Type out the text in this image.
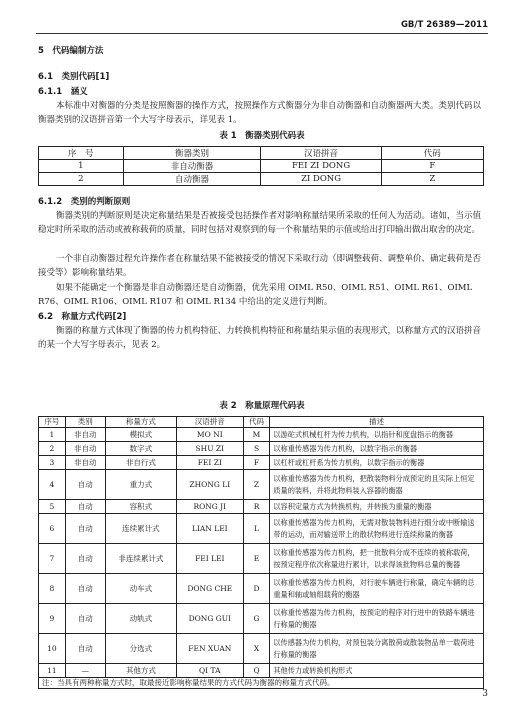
GB/T 26389—2011
5　代码编制方法
6.1　类别代码[1]
6.1.1　涵义
本标准中对衡器的分类是按照衡器的操作方式，按照操作方式衡器分为非自动衡器和自动衡器两大类。类别代码以衡器类别的汉语拼音第一个大写字母表示，详见表 1。
表 1　衡器类别代码表
序　号	衡器类别	汉语拼音	代码
1	非自动衡器	FEI ZI DONG	F
2	自动衡器	ZI DONG	Z
6.1.2　类别的判断原则
衡器类别的判断原则是决定称量结果是否被接受包括操作者对影响称量结果所采取的任何人为活动。诸如，当示值稳定时所采取的活动或被称载荷的质量，同时包括对观察到的每一个称量结果的示值或给出打印输出做出取舍的决定。
一个非自动衡器过程允许操作者在称量结果不能被接受的情况下采取行动（即调整载荷、调整单价、确定载荷是否接受等）影响称量结果。
如果不能确定一个衡器是非自动衡器还是自动衡器，优先采用 OIML R50、OIML R51、OIML R61、OIML R76、OIML R106、OIML R107 和 OIML R134 中给出的定义进行判断。
6.2　称量方式代码[2]
衡器的称量方式体现了衡器的传力机构特征、力转换机构特征和称量结果示值的表现形式，以称量方式的汉语拼音的某一个大写字母表示，见表 2。
表 2　称量原理代码表
序号	类别	称量方式	汉语拼音	代码	描述
1	非自动	模拟式	MO NI	M	以游砣式机械杠杆为传力机构，以指针和度盘指示的衡器
2	非自动	数字式	SHU ZI	S	以称重传感器为传力机构，以数字指示的衡器
3	非自动	非自行式	FEI ZI	F	以杠杆或杠杆系为传力机构，以数字指示的衡器
4	自动	重力式	ZHONG LI	Z	以称重传感器为传力机构，把散装物料分成预定的且实际上恒定质量的装料，并将此物料装入容器的衡器
5	自动	容积式	RONG JI	R	以容积定量方式为转换机构，并转换为重量的衡器
6	自动	连续累计式	LIAN LEI	L	以称重传感器为传力机构，无需对散装物料进行细分或中断输送带的运动，而对输送带上的散状物料进行连续称量的衡器
7	自动	非连续累计式	FEI LEI	E	以称重传感器为传力机构，把一批散料分成不连续的被称载荷，按预定程序依次称量进行累计，以求得该批物料总量的衡器
8	自动	动车式	DONG CHE	D	以称重传感器为传力机构，对行驶车辆进行称量，确定车辆的总重量和轴或轴组载荷的衡器
9	自动	动轨式	DONG GUI	G	以称重传感器为传力机构，按预定的程序对行进中的铁路车辆进行称量的衡器
10	自动	分选式	FEN XUAN	X	以传感器为传力机构，对预包装分离散荷或散装物品单一载荷进行称量的衡器
11	—	其他方式	QI TA	Q	其他传力或转换机构形式
注：当具有两种称量方式时，取最接近影响称量结果的方式代码为衡器的称量方式代码。					
3
